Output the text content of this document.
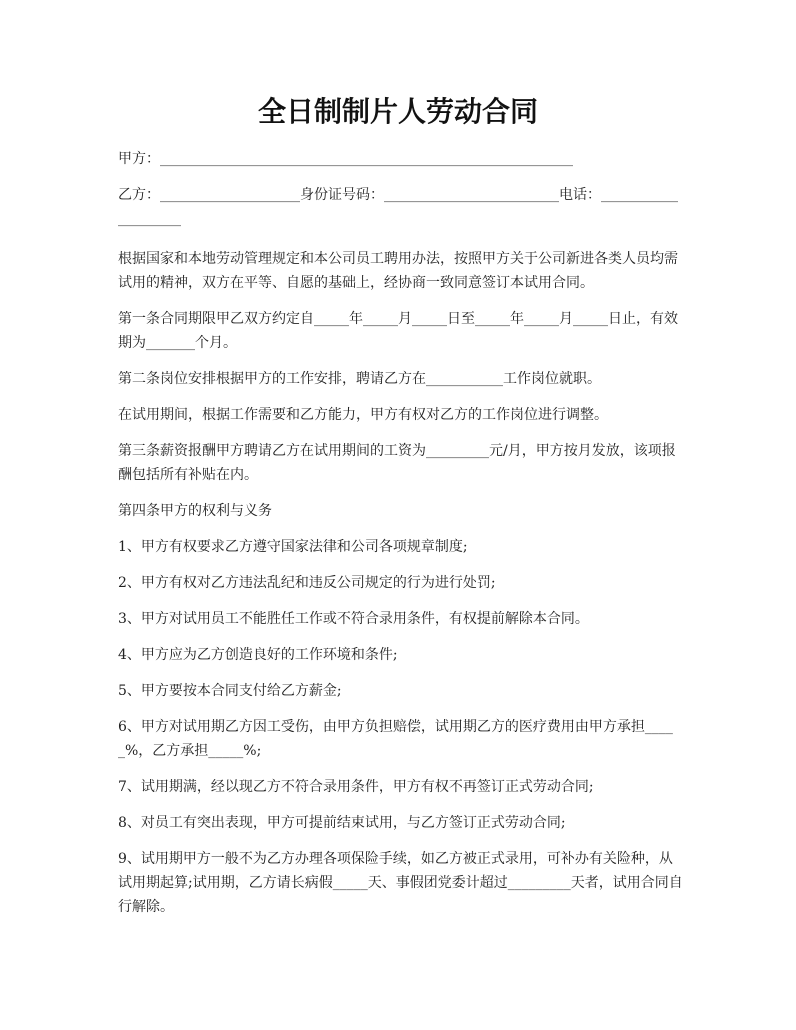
全日制制片人劳动合同

甲方：___________________________________________________________

乙方：____________________身份证号码：_________________________电话：____________________

根据国家和本地劳动管理规定和本公司员工聘用办法，按照甲方关于公司新进各类人员均需试用的精神，双方在平等、自愿的基础上，经协商一致同意签订本试用合同。

第一条合同期限甲乙双方约定自_____年_____月_____日至_____年_____月_____日止，有效期为_______个月。

第二条岗位安排根据甲方的工作安排，聘请乙方在___________工作岗位就职。

在试用期间，根据工作需要和乙方能力，甲方有权对乙方的工作岗位进行调整。

第三条薪资报酬甲方聘请乙方在试用期间的工资为_________元/月，甲方按月发放，该项报酬包括所有补贴在内。

第四条甲方的权利与义务

1、甲方有权要求乙方遵守国家法律和公司各项规章制度;

2、甲方有权对乙方违法乱纪和违反公司规定的行为进行处罚;

3、甲方对试用员工不能胜任工作或不符合录用条件，有权提前解除本合同。

4、甲方应为乙方创造良好的工作环境和条件;

5、甲方要按本合同支付给乙方薪金;

6、甲方对试用期乙方因工受伤，由甲方负担赔偿，试用期乙方的医疗费用由甲方承担_____%，乙方承担_____%;

7、试用期满，经以现乙方不符合录用条件，甲方有权不再签订正式劳动合同;

8、对员工有突出表现，甲方可提前结束试用，与乙方签订正式劳动合同;

9、试用期甲方一般不为乙方办理各项保险手续，如乙方被正式录用，可补办有关险种，从试用期起算;试用期，乙方请长病假_____天、事假团党委计超过_________天者，试用合同自行解除。
